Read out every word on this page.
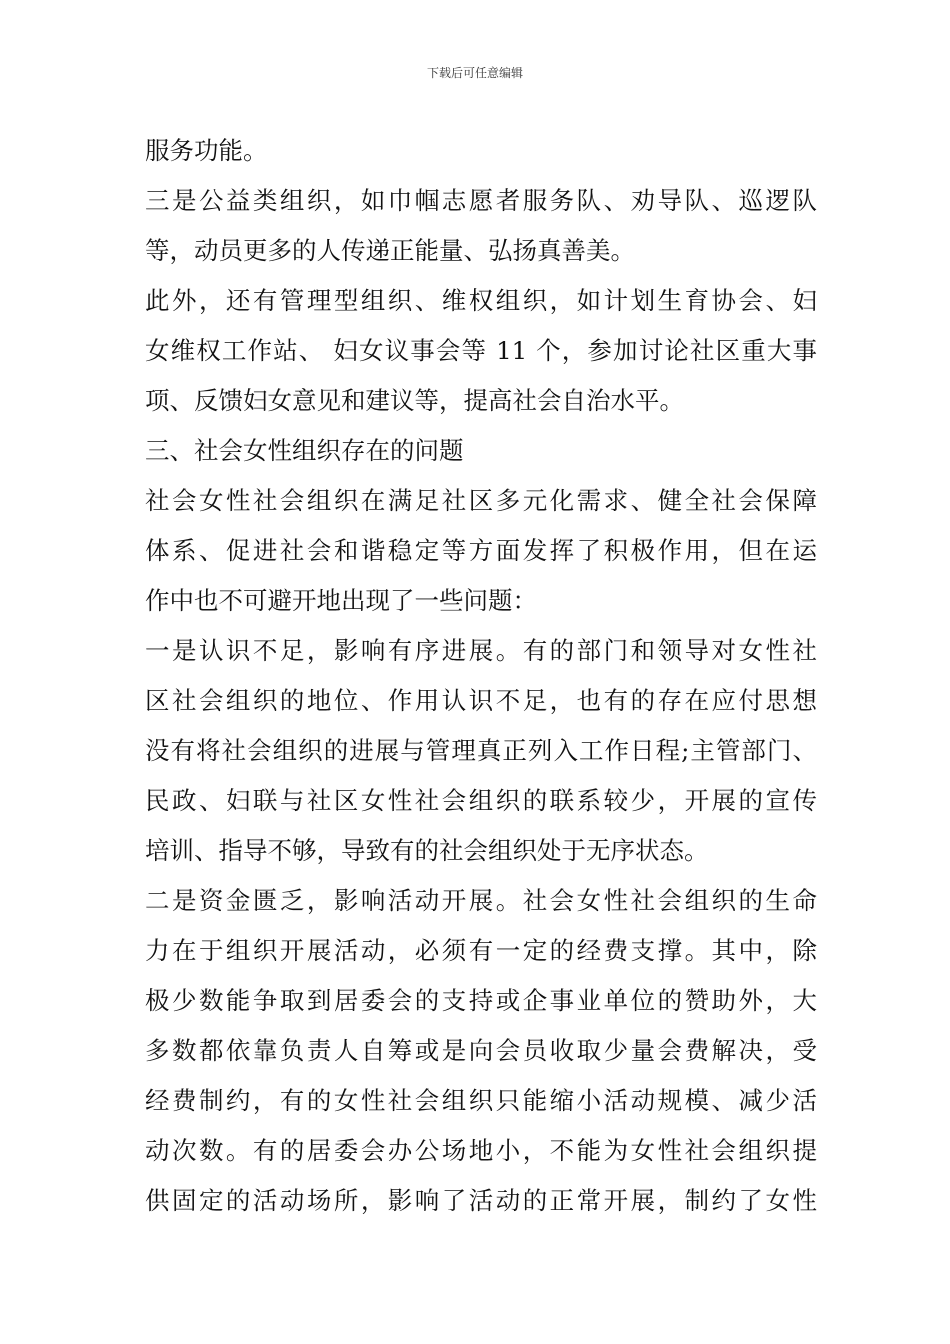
下载后可任意编辑
服务功能。
三是公益类组织，如巾帼志愿者服务队、劝导队、巡逻队
等，动员更多的人传递正能量、弘扬真善美。
此外，还有管理型组织、维权组织，如计划生育协会、妇
女维权工作站、 妇女议事会等 11 个，参加讨论社区重大事
项、反馈妇女意见和建议等，提高社会自治水平。
三、社会女性组织存在的问题
社会女性社会组织在满足社区多元化需求、健全社会保障
体系、促进社会和谐稳定等方面发挥了积极作用，但在运
作中也不可避开地出现了一些问题：
一是认识不足，影响有序进展。有的部门和领导对女性社
区社会组织的地位、作用认识不足，也有的存在应付思想
没有将社会组织的进展与管理真正列入工作日程;主管部门、
民政、妇联与社区女性社会组织的联系较少，开展的宣传
培训、指导不够，导致有的社会组织处于无序状态。
二是资金匮乏，影响活动开展。社会女性社会组织的生命
力在于组织开展活动，必须有一定的经费支撑。其中，除
极少数能争取到居委会的支持或企事业单位的赞助外，大
多数都依靠负责人自筹或是向会员收取少量会费解决，受
经费制约，有的女性社会组织只能缩小活动规模、减少活
动次数。有的居委会办公场地小，不能为女性社会组织提
供固定的活动场所，影响了活动的正常开展，制约了女性
